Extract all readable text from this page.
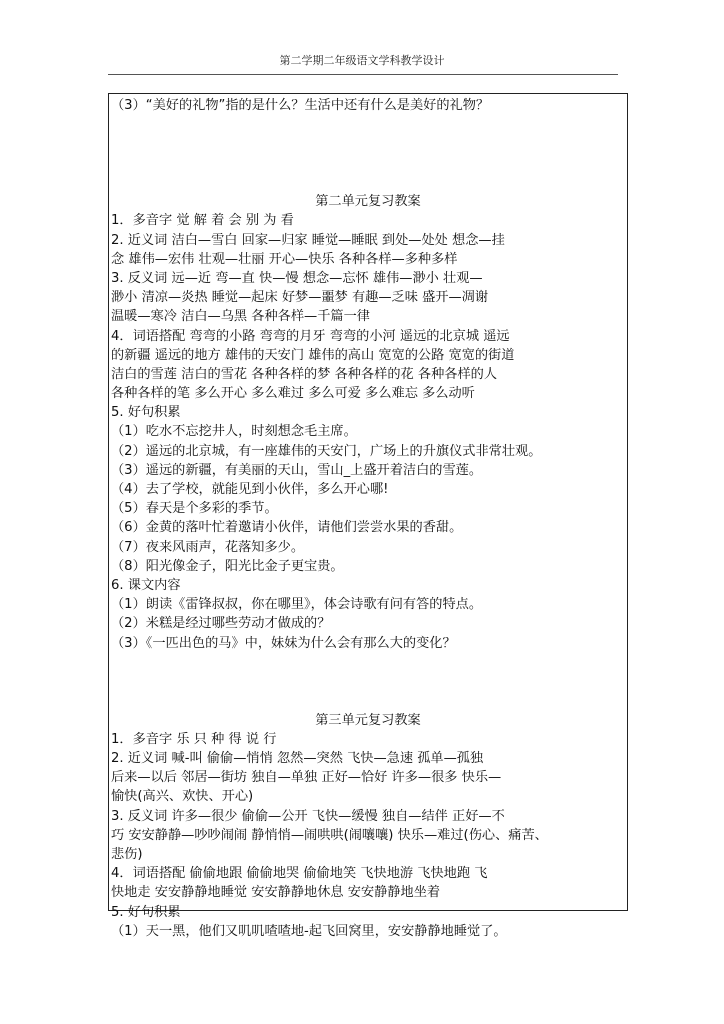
第二学期二年级语文学科教学设计
（3）“美好的礼物”指的是什么？生活中还有什么是美好的礼物？
第二单元复习教案
1．多音字 觉 解 着 会 别 为 看
2. 近义词 洁白—雪白 回家—归家 睡觉—睡眠 到处—处处 想念—挂
念 雄伟—宏伟 壮观—壮丽 开心—快乐 各种各样—多种多样
3. 反义词 远—近 弯—直 快—慢 想念—忘怀 雄伟—渺小 壮观—
渺小 清凉—炎热 睡觉—起床 好梦—噩梦 有趣—乏味 盛开—凋谢
温暖—寒冷 洁白—乌黑 各种各样—千篇一律
4．词语搭配 弯弯的小路 弯弯的月牙 弯弯的小河 遥远的北京城 遥远
的新疆 遥远的地方 雄伟的天安门 雄伟的高山 宽宽的公路 宽宽的街道
洁白的雪莲 洁白的雪花 各种各样的梦 各种各样的花 各种各样的人
各种各样的笔 多么开心 多么难过 多么可爱 多么难忘 多么动听
5. 好句积累
（1）吃水不忘挖井人，时刻想念毛主席。
（2）遥远的北京城，有一座雄伟的天安门，广场上的升旗仪式非常壮观。
（3）遥远的新疆，有美丽的天山，雪山_上盛开着洁白的雪莲。
（4）去了学校，就能见到小伙伴，多么开心哪!
（5）春天是个多彩的季节。
（6）金黄的落叶忙着邀请小伙伴，请他们尝尝水果的香甜。
（7）夜来风雨声，花落知多少。
（8）阳光像金子，阳光比金子更宝贵。
6. 课文内容
（1）朗读《雷锋叔叔，你在哪里》，体会诗歌有问有答的特点。
（2）米糕是经过哪些劳动才做成的？
（3）《一匹出色的马》中，妹妹为什么会有那么大的变化？
第三单元复习教案
1．多音字 乐 只 种 得 说 行
2. 近义词 喊-叫 偷偷—悄悄 忽然—突然 飞快—急速 孤单—孤独
后来—以后 邻居—街坊 独自—单独 正好—恰好 许多—很多 快乐—
愉快(高兴、欢快、开心)
3. 反义词 许多—很少 偷偷—公开 飞快—缓慢 独自—结伴 正好—不
巧 安安静静—吵吵闹闹 静悄悄—闹哄哄(闹嚷嚷) 快乐—难过(伤心、痛苦、
悲伤)
4．词语搭配 偷偷地跟 偷偷地哭 偷偷地笑 飞快地游 飞快地跑 飞
快地走 安安静静地睡觉 安安静静地休息 安安静静地坐着
5. 好句积累
（1）天一黑，他们又叽叽喳喳地-起飞回窝里，安安静静地睡觉了。
